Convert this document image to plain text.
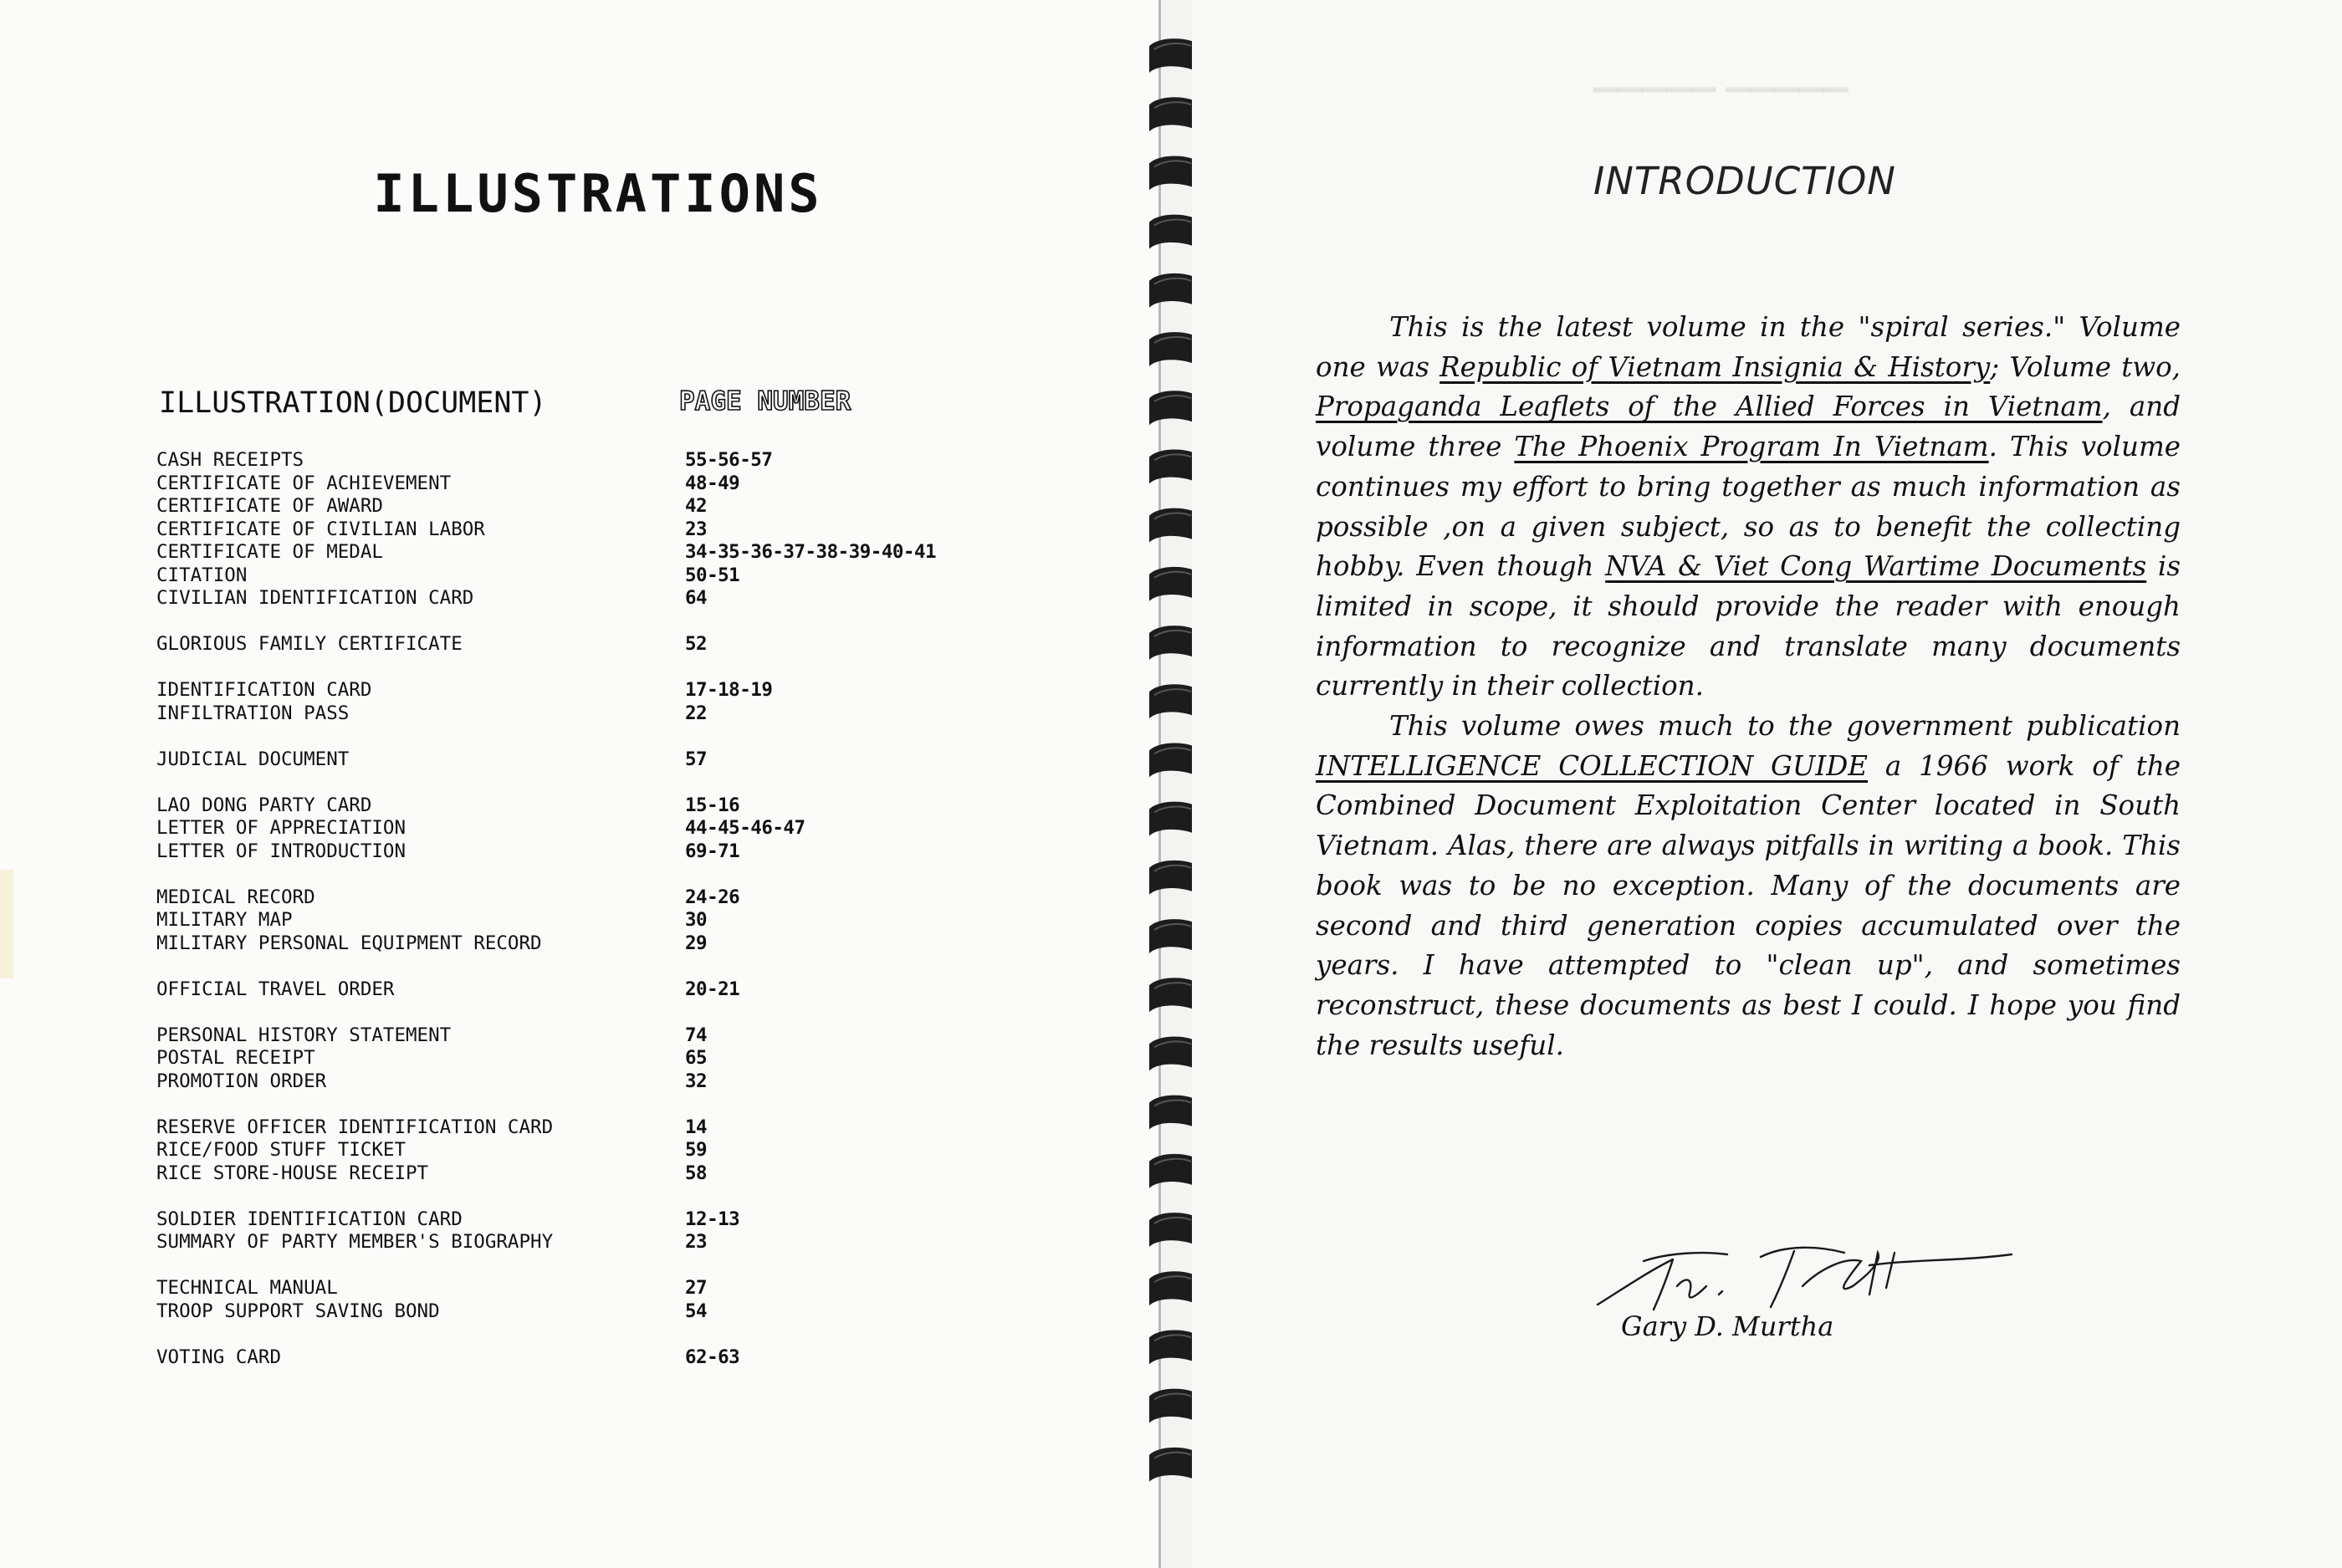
ILLUSTRATIONS
ILLUSTRATION(DOCUMENT)	PAGE NUMBER
CASH RECEIPTS	55-56-57
CERTIFICATE OF ACHIEVEMENT	48-49
CERTIFICATE OF AWARD	42
CERTIFICATE OF CIVILIAN LABOR	23
CERTIFICATE OF MEDAL	34-35-36-37-38-39-40-41
CITATION	50-51
CIVILIAN IDENTIFICATION CARD	64
GLORIOUS FAMILY CERTIFICATE	52
IDENTIFICATION CARD	17-18-19
INFILTRATION PASS	22
JUDICIAL DOCUMENT	57
LAO DONG PARTY CARD	15-16
LETTER OF APPRECIATION	44-45-46-47
LETTER OF INTRODUCTION	69-71
MEDICAL RECORD	24-26
MILITARY MAP	30
MILITARY PERSONAL EQUIPMENT RECORD	29
OFFICIAL TRAVEL ORDER	20-21
PERSONAL HISTORY STATEMENT	74
POSTAL RECEIPT	65
PROMOTION ORDER	32
RESERVE OFFICER IDENTIFICATION CARD	14
RICE/FOOD STUFF TICKET	59
RICE STORE-HOUSE RECEIPT	58
SOLDIER IDENTIFICATION CARD	12-13
SUMMARY OF PARTY MEMBER'S BIOGRAPHY	23
TECHNICAL MANUAL	27
TROOP SUPPORT SAVING BOND	54
VOTING CARD	62-63
▔▔▔▔▔ ▔▔▔▔▔
INTRODUCTION

This is the latest volume in the "spiral series." Volume one was Republic of Vietnam Insignia & History; Volume two, Propaganda Leaflets of the Allied Forces in Vietnam, and volume three The Phoenix Program In Vietnam. This volume continues my effort to bring together as much information as possible ,on a given subject, so as to benefit the collecting hobby. Even though NVA & Viet Cong Wartime Documents is limited in scope, it should provide the reader with enough information to recognize and translate many documents currently in their collection.

This volume owes much to the government publication INTELLIGENCE COLLECTION GUIDE a 1966 work of the Combined Document Exploitation Center located in South Vietnam. Alas, there are always pitfalls in writing a book. This book was to be no exception. Many of the documents are second and third generation copies accumulated over the years. I have attempted to "clean up", and sometimes reconstruct, these documents as best I could. I hope you find the results useful.

Gary D. Murtha
